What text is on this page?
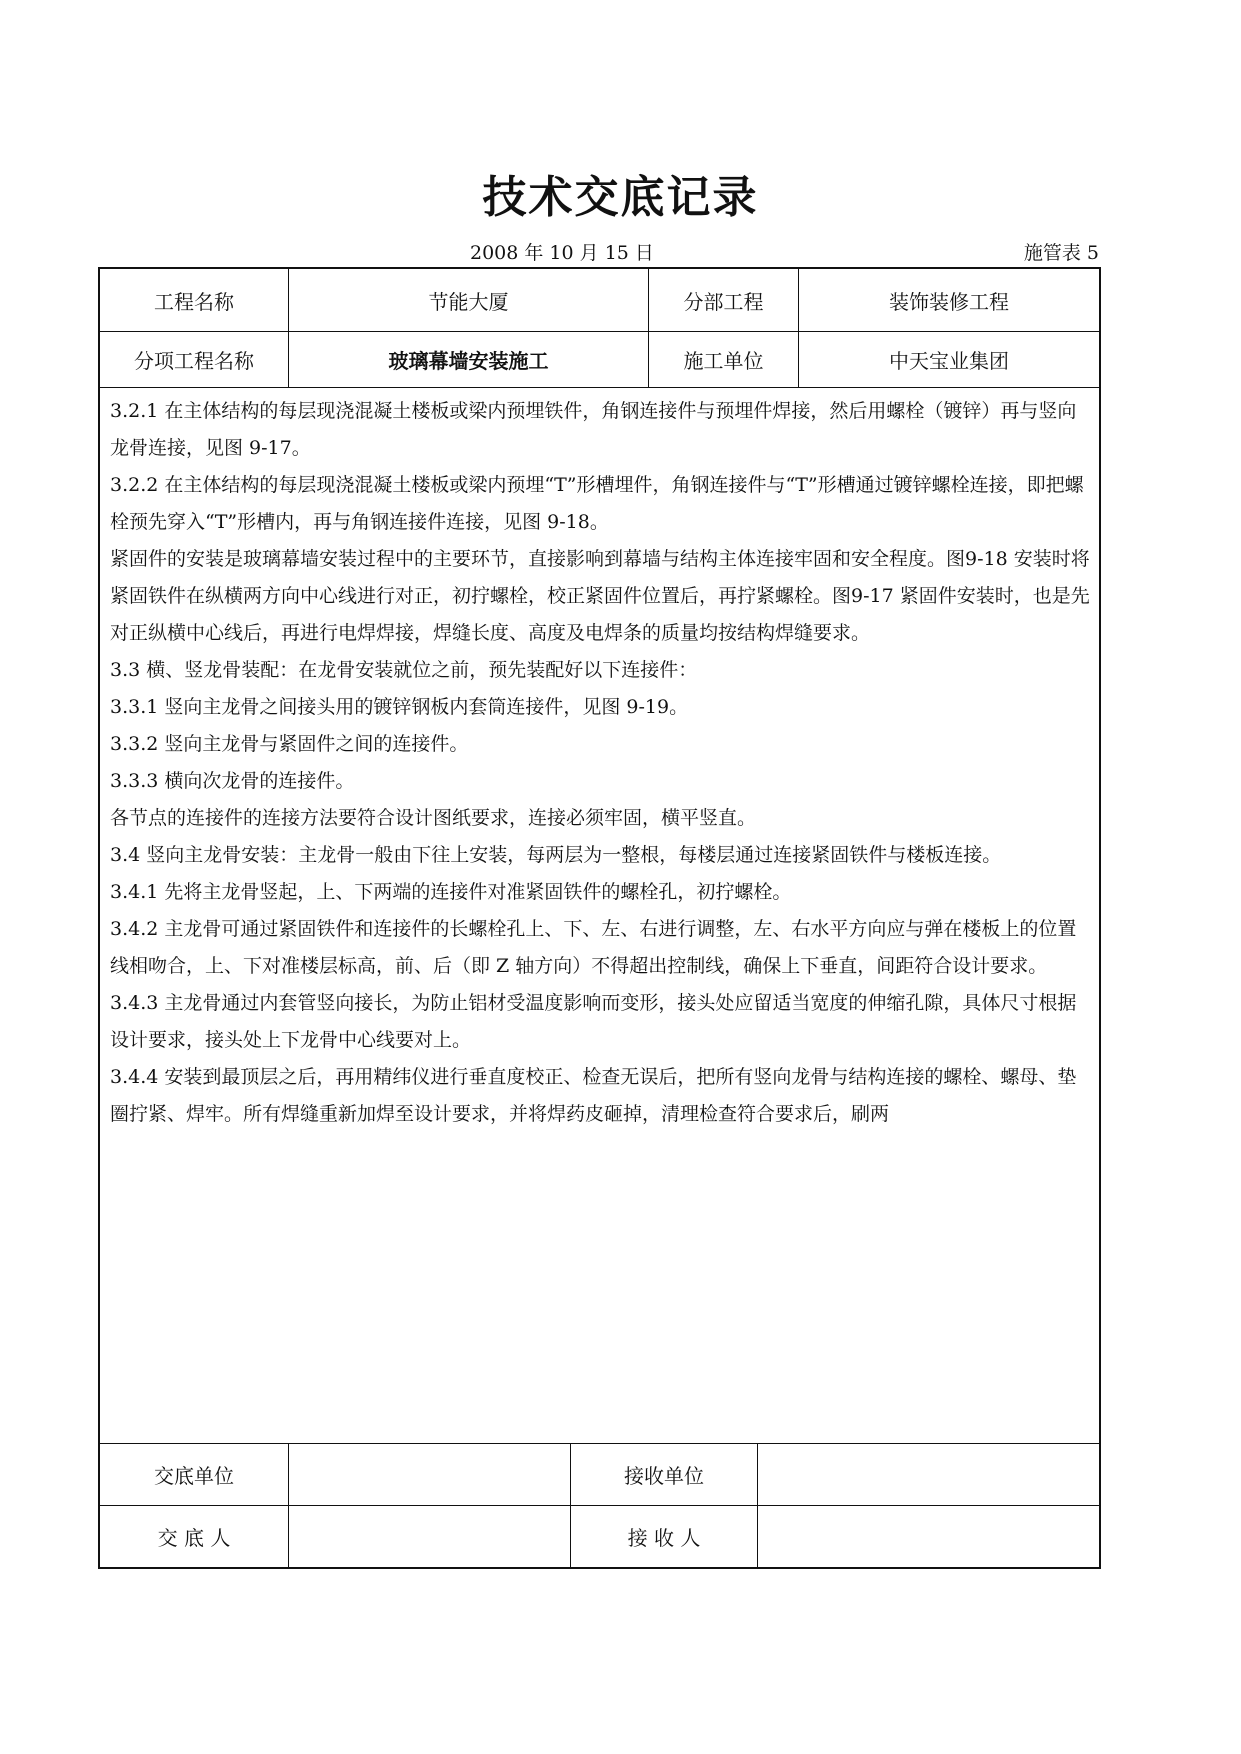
技术交底记录
2008 年 10 月 15 日	施管表 5
工程名称	节能大厦	分部工程	装饰装修工程
分项工程名称	玻璃幕墙安装施工	施工单位	中天宝业集团

3.2.1 在主体结构的每层现浇混凝土楼板或梁内预埋铁件，角钢连接件与预埋件焊接，然后用螺栓（镀锌）再与竖向龙骨连接，见图 9-17。

3.2.2 在主体结构的每层现浇混凝土楼板或梁内预埋“T”形槽埋件，角钢连接件与“T”形槽通过镀锌螺栓连接，即把螺栓预先穿入“T”形槽内，再与角钢连接件连接，见图 9-18。

紧固件的安装是玻璃幕墙安装过程中的主要环节，直接影响到幕墙与结构主体连接牢固和安全程度。图9-18 安装时将紧固铁件在纵横两方向中心线进行对正，初拧螺栓，校正紧固件位置后，再拧紧螺栓。图9-17 紧固件安装时，也是先对正纵横中心线后，再进行电焊焊接，焊缝长度、高度及电焊条的质量均按结构焊缝要求。

3.3 横、竖龙骨装配：在龙骨安装就位之前，预先装配好以下连接件：

3.3.1 竖向主龙骨之间接头用的镀锌钢板内套筒连接件，见图 9-19。

3.3.2 竖向主龙骨与紧固件之间的连接件。

3.3.3 横向次龙骨的连接件。

各节点的连接件的连接方法要符合设计图纸要求，连接必须牢固，横平竖直。

3.4 竖向主龙骨安装：主龙骨一般由下往上安装，每两层为一整根，每楼层通过连接紧固铁件与楼板连接。

3.4.1 先将主龙骨竖起，上、下两端的连接件对准紧固铁件的螺栓孔，初拧螺栓。

3.4.2 主龙骨可通过紧固铁件和连接件的长螺栓孔上、下、左、右进行调整，左、右水平方向应与弹在楼板上的位置线相吻合，上、下对准楼层标高，前、后（即 Z 轴方向）不得超出控制线，确保上下垂直，间距符合设计要求。

3.4.3 主龙骨通过内套管竖向接长，为防止铝材受温度影响而变形，接头处应留适当宽度的伸缩孔隙，具体尺寸根据设计要求，接头处上下龙骨中心线要对上。

3.4.4 安装到最顶层之后，再用精纬仪进行垂直度校正、检查无误后，把所有竖向龙骨与结构连接的螺栓、螺母、垫圈拧紧、焊牢。所有焊缝重新加焊至设计要求，并将焊药皮砸掉，清理检查符合要求后，刷两

交底单位	接收单位
交 底 人	接 收 人
